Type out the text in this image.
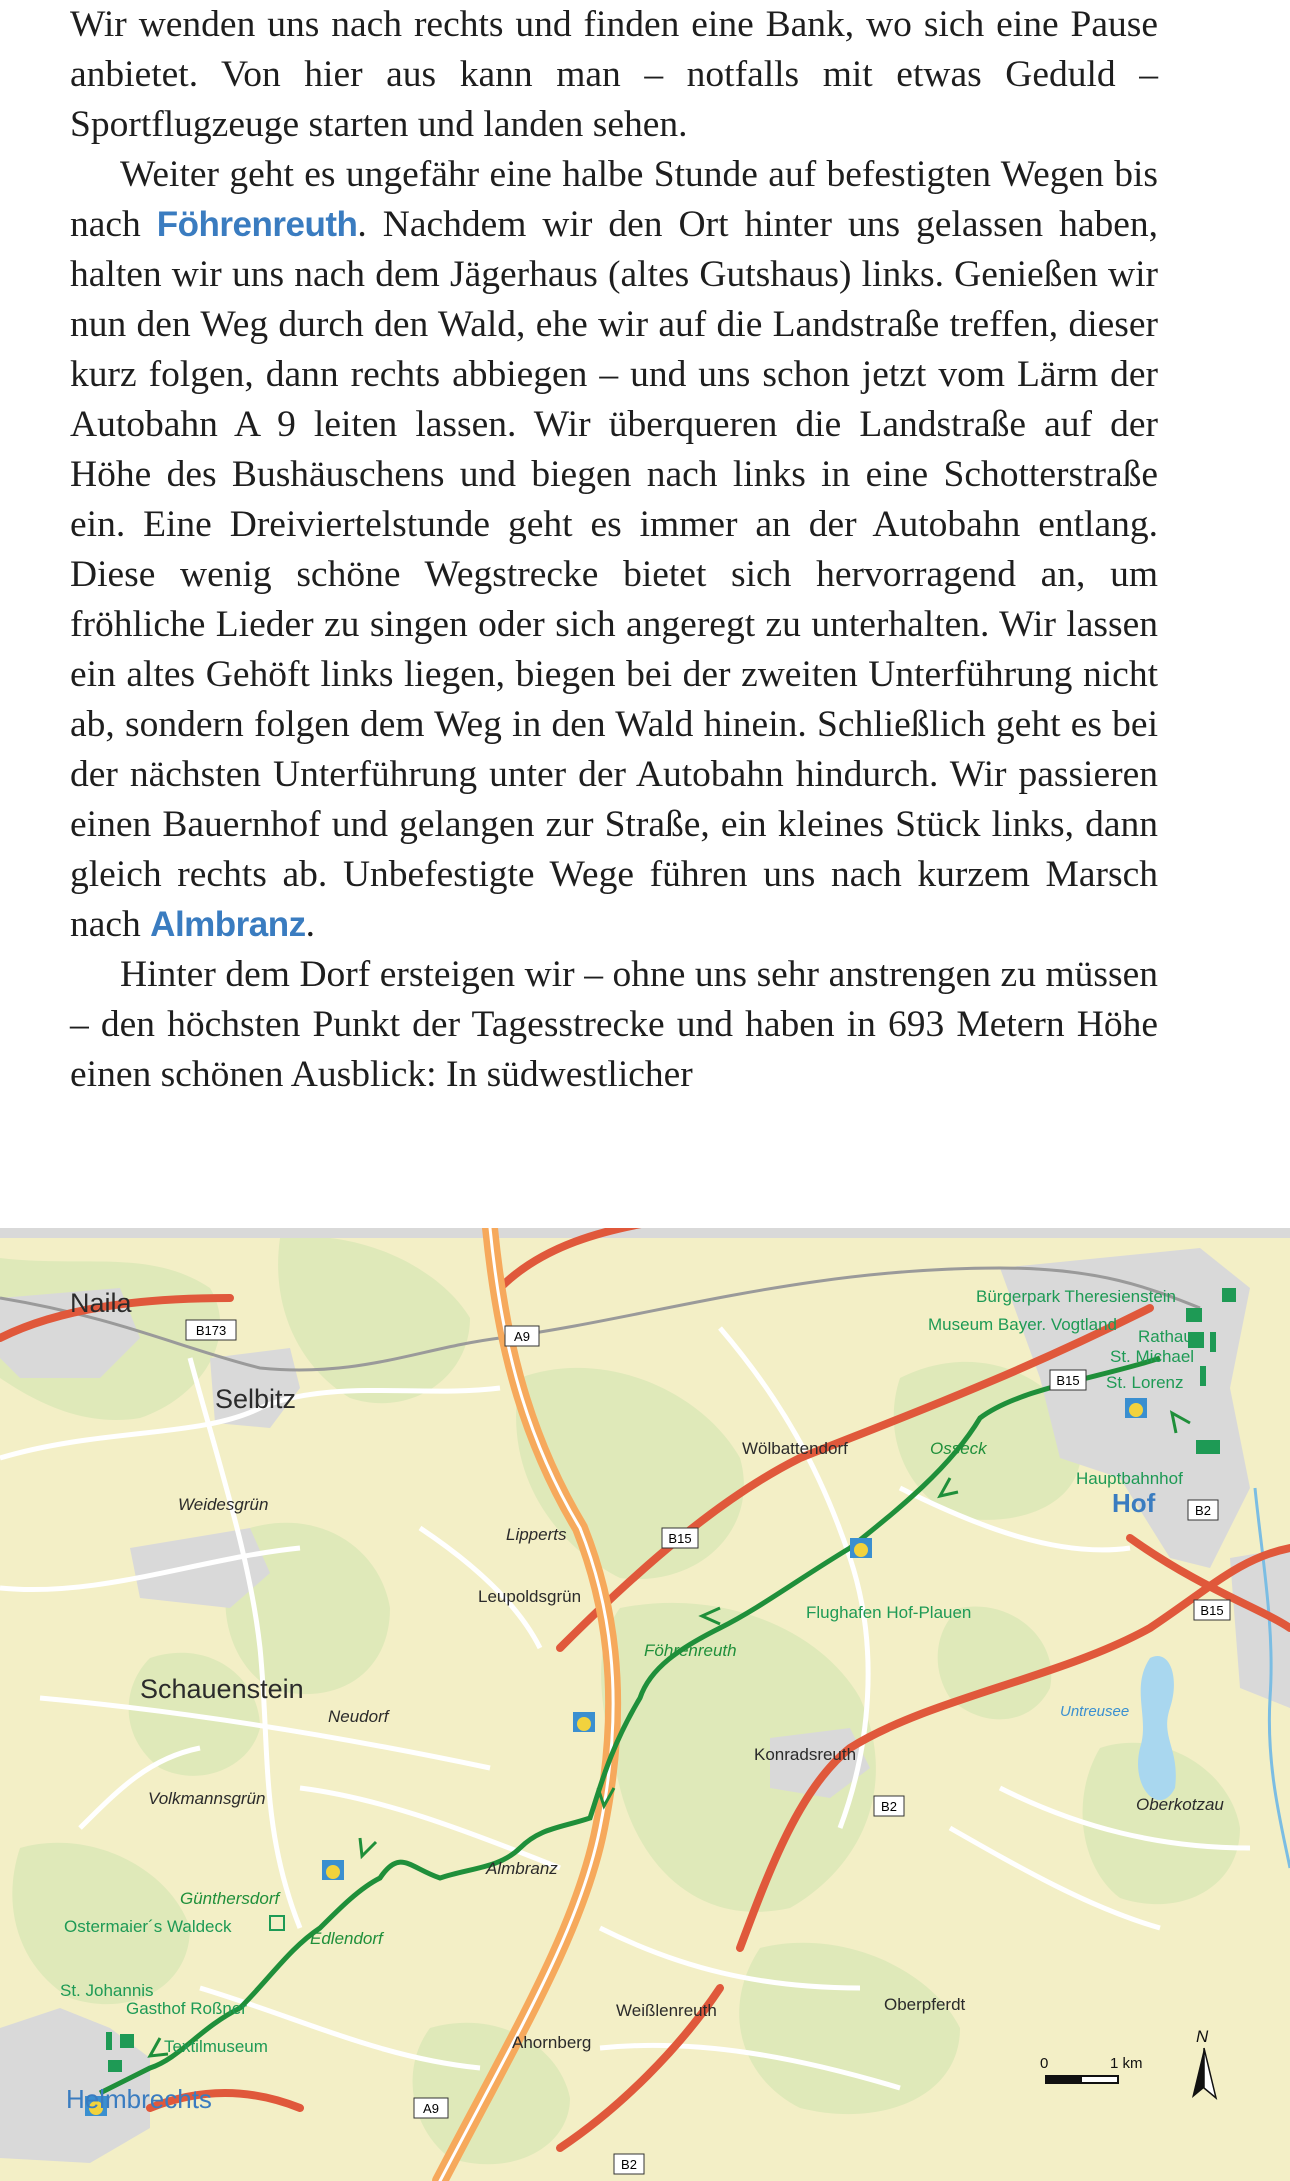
Wir wenden uns nach rechts und finden eine Bank, wo sich eine Pause anbietet. Von hier aus kann man – notfalls mit etwas Geduld – Sportflugzeuge starten und landen sehen.

Weiter geht es ungefähr eine halbe Stunde auf befestigten Wegen bis nach Föhrenreuth. Nachdem wir den Ort hinter uns gelassen haben, halten wir uns nach dem Jägerhaus (altes Gutshaus) links. Genießen wir nun den Weg durch den Wald, ehe wir auf die Landstraße treffen, dieser kurz folgen, dann rechts abbiegen – und uns schon jetzt vom Lärm der Autobahn A 9 leiten lassen. Wir überqueren die Landstraße auf der Höhe des Bushäuschens und biegen nach links in eine Schotterstraße ein. Eine Dreiviertelstunde geht es immer an der Autobahn entlang. Diese wenig schöne Wegstrecke bietet sich hervorragend an, um fröhliche Lieder zu singen oder sich angeregt zu unterhalten. Wir lassen ein altes Gehöft links liegen, biegen bei der zweiten Unterführung nicht ab, sondern folgen dem Weg in den Wald hinein. Schließlich geht es bei der nächsten Unterführung unter der Autobahn hindurch. Wir passieren einen Bauernhof und gelangen zur Straße, ein kleines Stück links, dann gleich rechts ab. Unbefestigte Wege führen uns nach kurzem Marsch nach Almbranz.

Hinter dem Dorf ersteigen wir – ohne uns sehr anstrengen zu müssen – den höchsten Punkt der Tagesstrecke und haben in 693 Metern Höhe einen schönen Ausblick: In südwestlicher

B173	A9
B15
B2
B15
B15
B2
A9
B2
Naila
Selbitz
Schauenstein
Hof
Helmbrechts
Weidesgrün
Lipperts
Leupoldsgrün
Wölbattendorf
Neudorf
Volkmannsgrün
Konradsreuth
Almbranz
Oberkotzau
Weißlenreuth	Oberpferdt
Ahornberg
Osseck
Föhrenreuth
Günthersdorf
Edlendorf
Bürgerpark Theresienstein
Museum Bayer. Vogtland
Rathaus
St. Michael
St. Lorenz
Hauptbahnhof
Flughafen Hof-Plauen
Ostermaier´s Waldeck
St. Johannis
Gasthof Roßner
Textilmuseum
Untreusee
0	1 km
N
